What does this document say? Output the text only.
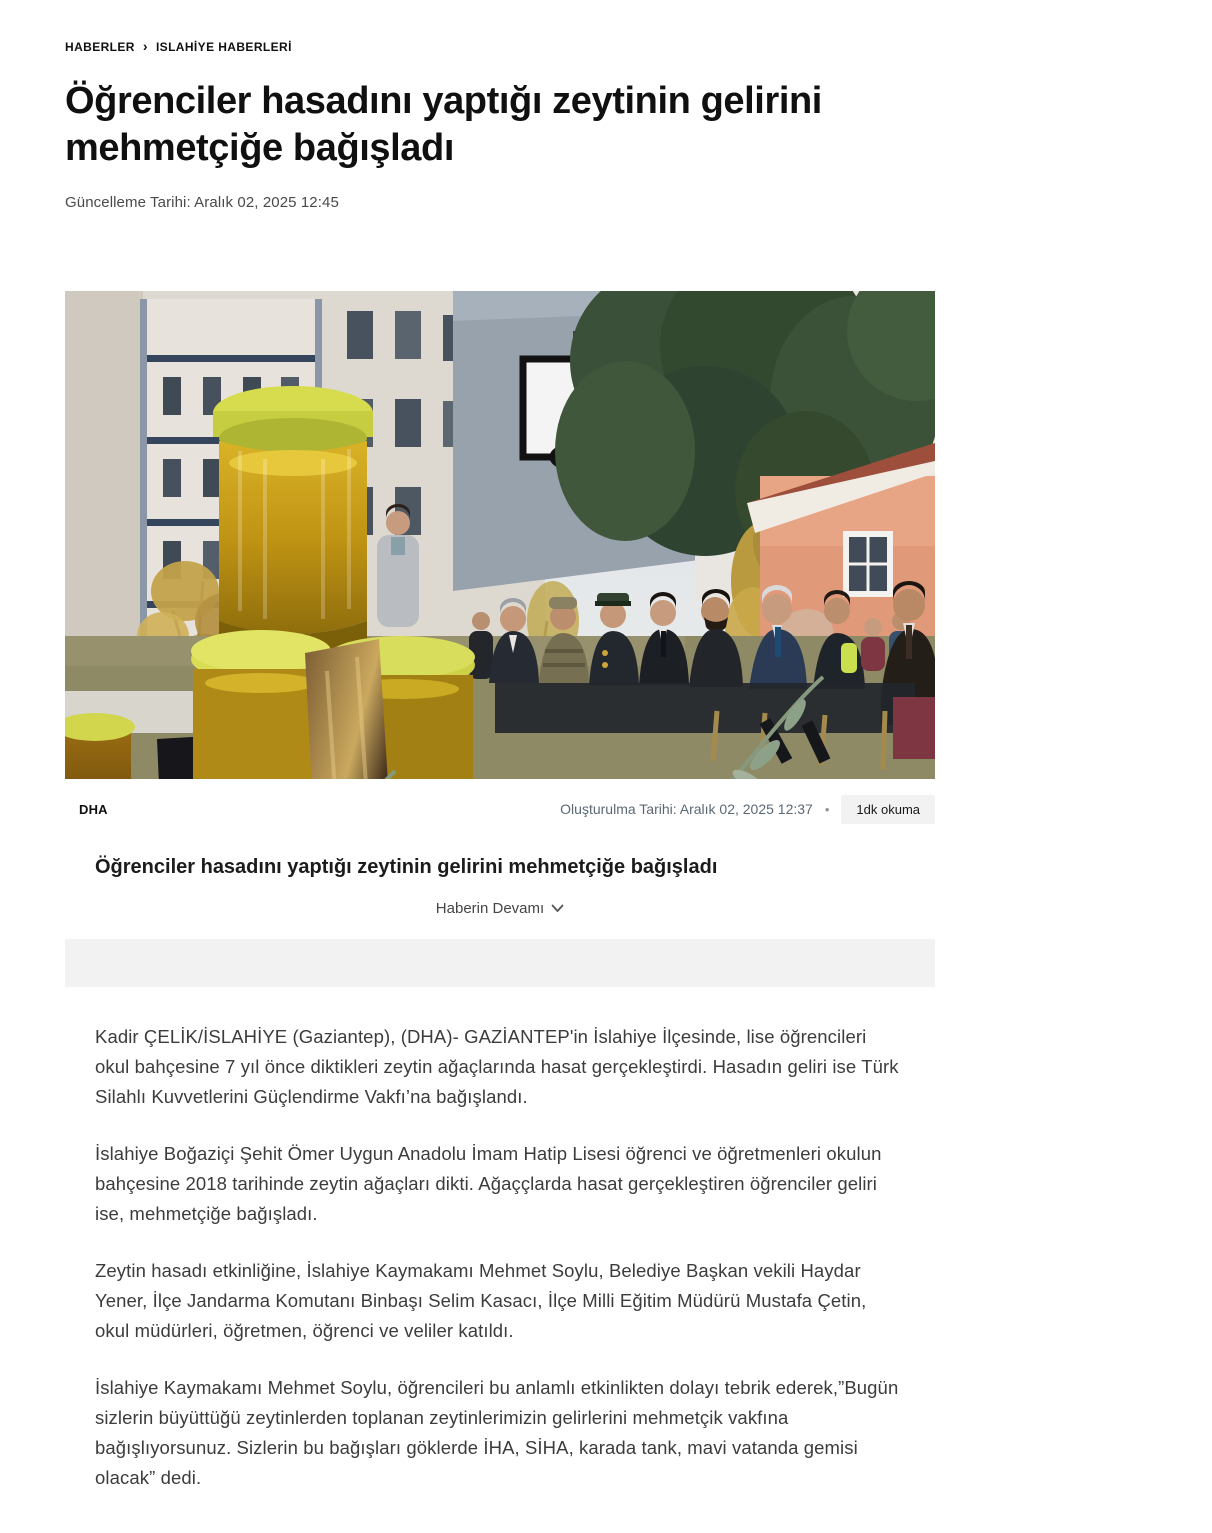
HABERLER › ISLAHİYE HABERLERİ
Öğrenciler hasadını yaptığı zeytinin gelirini mehmetçiğe bağışladı
Güncelleme Tarihi: Aralık 02, 2025 12:45
DHA	Oluşturulma Tarihi: Aralık 02, 2025 12:37 •	1dk okuma
Öğrenciler hasadını yaptığı zeytinin gelirini mehmetçiğe bağışladı
Haberin Devamı

Kadir ÇELİK/İSLAHİYE (Gaziantep), (DHA)- GAZİANTEP'in İslahiye İlçesinde, lise öğrencileri okul bahçesine 7 yıl önce diktikleri zeytin ağaçlarında hasat gerçekleştirdi. Hasadın geliri ise Türk Silahlı Kuvvetlerini Güçlendirme Vakfı’na bağışlandı.

İslahiye Boğaziçi Şehit Ömer Uygun Anadolu İmam Hatip Lisesi öğrenci ve öğretmenleri okulun bahçesine 2018 tarihinde zeytin ağaçları dikti. Ağaççlarda hasat gerçekleştiren öğrenciler geliri ise, mehmetçiğe bağışladı.

Zeytin hasadı etkinliğine, İslahiye Kaymakamı Mehmet Soylu, Belediye Başkan vekili Haydar Yener, İlçe Jandarma Komutanı Binbaşı Selim Kasacı, İlçe Milli Eğitim Müdürü Mustafa Çetin, okul müdürleri, öğretmen, öğrenci ve veliler katıldı.

İslahiye Kaymakamı Mehmet Soylu, öğrencileri bu anlamlı etkinlikten dolayı tebrik ederek,”Bugün sizlerin büyüttüğü zeytinlerden toplanan zeytinlerimizin gelirlerini mehmetçik vakfına bağışlıyorsunuz. Sizlerin bu bağışları göklerde İHA, SİHA, karada tank, mavi vatanda gemisi olacak” dedi.
